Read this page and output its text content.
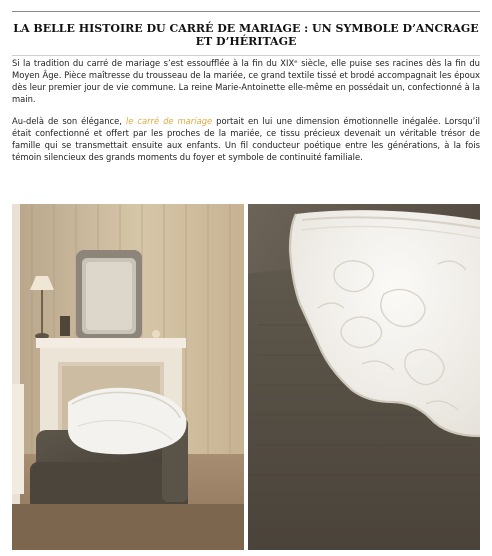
LA BELLE HISTOIRE DU CARRÉ DE MARIAGE : UN SYMBOLE D’ANCRAGE ET D’HÉRITAGE

Si la tradition du carré de mariage s’est essoufflée à la fin du XIXᵉ siècle, elle puise ses racines dès la fin du Moyen Âge. Pièce maîtresse du trousseau de la mariée, ce grand textile tissé et brodé accompagnait les époux dès leur premier jour de vie commune. La reine Marie-Antoinette elle-même en possédait un, confectionné à la main.

Au-delà de son élégance, le carré de mariage portait en lui une dimension émotionnelle inégalée. Lorsqu’il était confectionné et offert par les proches de la mariée, ce tissu précieux devenait un véritable trésor de famille qui se transmettait ensuite aux enfants. Un fil conducteur poétique entre les générations, à la fois témoin silencieux des grands moments du foyer et symbole de continuité familiale.
